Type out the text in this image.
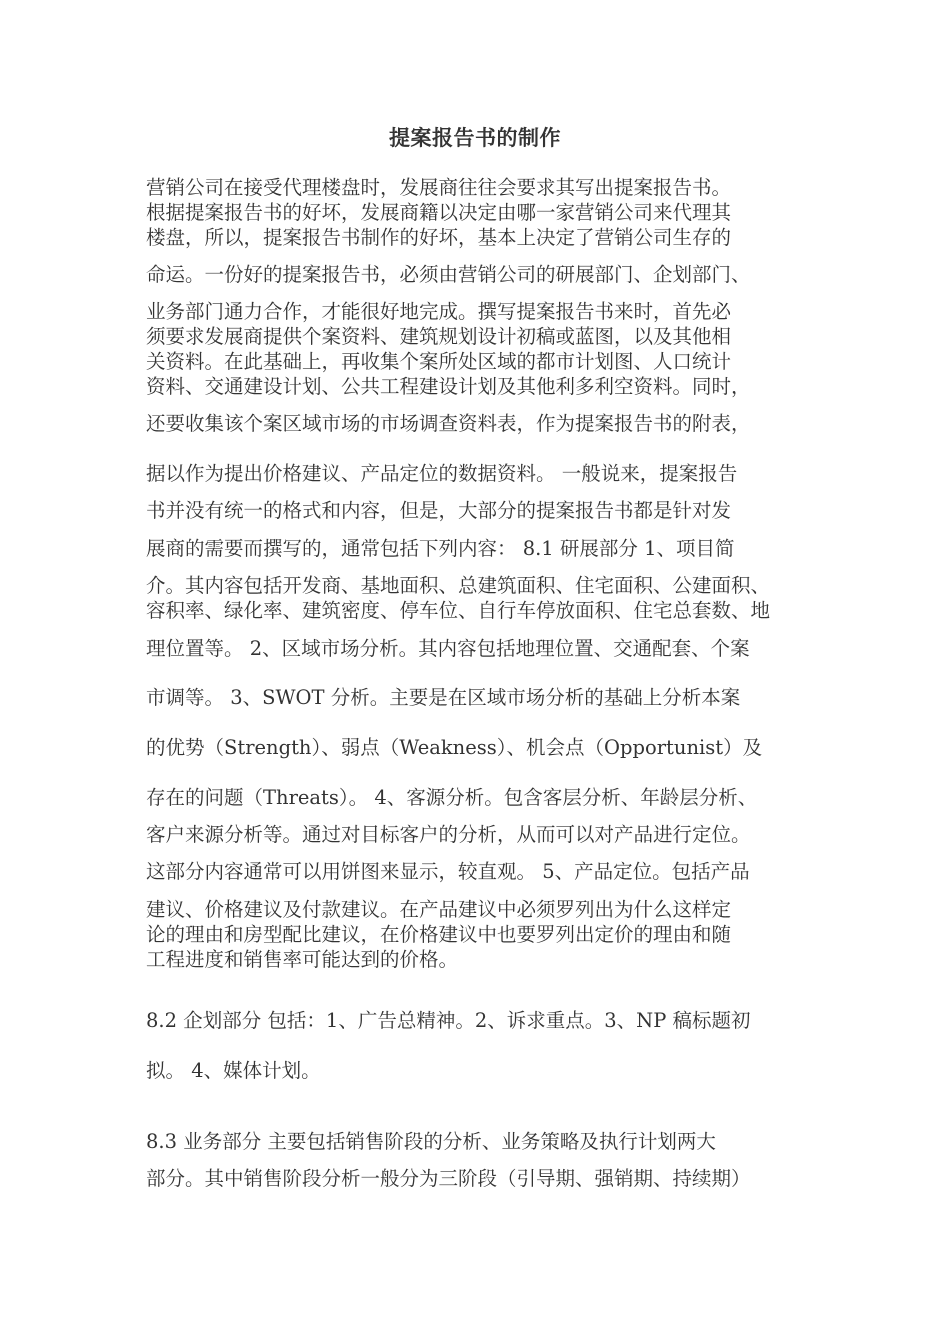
提案报告书的制作
营销公司在接受代理楼盘时，发展商往往会要求其写出提案报告书。
根据提案报告书的好坏，发展商籍以决定由哪一家营销公司来代理其
楼盘，所以，提案报告书制作的好坏，基本上决定了营销公司生存的
命运。一份好的提案报告书，必须由营销公司的研展部门、企划部门、
业务部门通力合作，才能很好地完成。撰写提案报告书来时，首先必
须要求发展商提供个案资料、建筑规划设计初稿或蓝图，以及其他相
关资料。在此基础上，再收集个案所处区域的都市计划图、人口统计
资料、交通建设计划、公共工程建设计划及其他利多利空资料。同时，
还要收集该个案区域市场的市场调查资料表，作为提案报告书的附表，
据以作为提出价格建议、产品定位的数据资料。 一般说来，提案报告
书并没有统一的格式和内容，但是，大部分的提案报告书都是针对发
展商的需要而撰写的，通常包括下列内容： 8.1 研展部分 1、项目简
介。其内容包括开发商、基地面积、总建筑面积、住宅面积、公建面积、
容积率、绿化率、建筑密度、停车位、自行车停放面积、住宅总套数、地
理位置等。 2、区域市场分析。其内容包括地理位置、交通配套、个案
市调等。 3、SWOT 分析。主要是在区域市场分析的基础上分析本案
的优势（Strength）、弱点（Weakness）、机会点（Opportunist）及
存在的问题（Threats）。 4、客源分析。包含客层分析、年龄层分析、
客户来源分析等。通过对目标客户的分析，从而可以对产品进行定位。
这部分内容通常可以用饼图来显示，较直观。 5、产品定位。包括产品
建议、价格建议及付款建议。在产品建议中必须罗列出为什么这样定
论的理由和房型配比建议，在价格建议中也要罗列出定价的理由和随
工程进度和销售率可能达到的价格。
8.2 企划部分 包括：1、广告总精神。2、诉求重点。3、NP 稿标题初
拟。 4、媒体计划。
8.3 业务部分 主要包括销售阶段的分析、业务策略及执行计划两大
部分。其中销售阶段分析一般分为三阶段（引导期、强销期、持续期）
